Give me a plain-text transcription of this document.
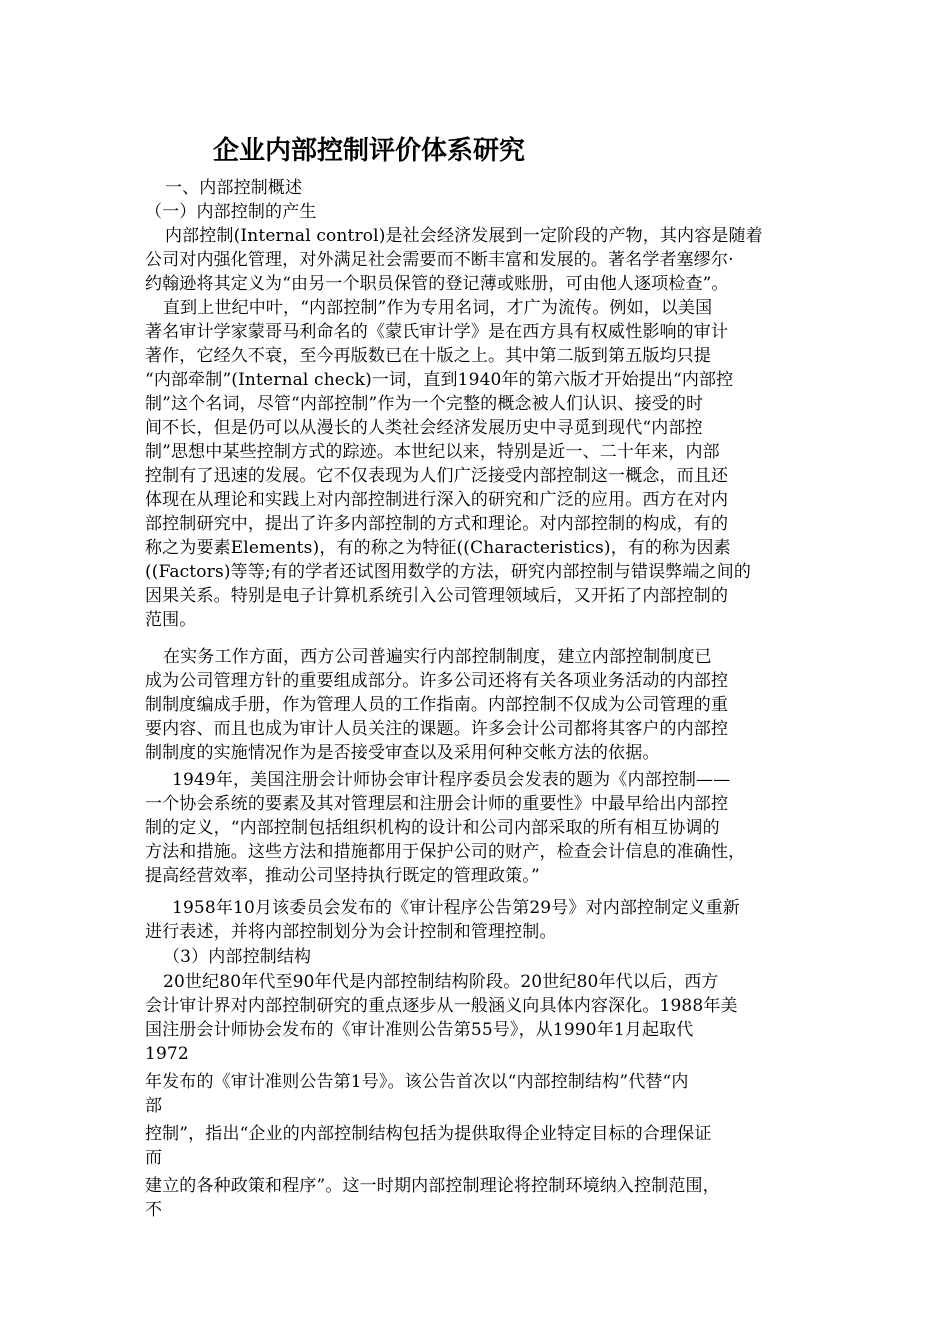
企业内部控制评价体系研究
一、内部控制概述
（一）内部控制的产生
内部控制(Internal control)是社会经济发展到一定阶段的产物，其内容是随着
公司对内强化管理，对外满足社会需要而不断丰富和发展的。著名学者塞缪尔·
约翰逊将其定义为“由另一个职员保管的登记薄或账册，可由他人逐项检查”。
直到上世纪中叶，“内部控制”作为专用名词，才广为流传。例如，以美国
著名审计学家蒙哥马利命名的《蒙氏审计学》是在西方具有权威性影响的审计
著作，它经久不衰，至今再版数已在十版之上。其中第二版到第五版均只提
“内部牵制”(Internal check)一词，直到1940年的第六版才开始提出“内部控
制”这个名词，尽管“内部控制”作为一个完整的概念被人们认识、接受的时
间不长，但是仍可以从漫长的人类社会经济发展历史中寻觅到现代“内部控
制”思想中某些控制方式的踪迹。本世纪以来，特别是近一、二十年来，内部
控制有了迅速的发展。它不仅表现为人们广泛接受内部控制这一概念，而且还
体现在从理论和实践上对内部控制进行深入的研究和广泛的应用。西方在对内
部控制研究中，提出了许多内部控制的方式和理论。对内部控制的构成，有的
称之为要素Elements)，有的称之为特征((Characteristics)，有的称为因素
((Factors)等等;有的学者还试图用数学的方法，研究内部控制与错误弊端之间的
因果关系。特别是电子计算机系统引入公司管理领域后，又开拓了内部控制的
范围。
在实务工作方面，西方公司普遍实行内部控制制度，建立内部控制制度已
成为公司管理方针的重要组成部分。许多公司还将有关各项业务活动的内部控
制制度编成手册，作为管理人员的工作指南。内部控制不仅成为公司管理的重
要内容、而且也成为审计人员关注的课题。许多会计公司都将其客户的内部控
制制度的实施情况作为是否接受审查以及采用何种交帐方法的依据。
1949年，美国注册会计师协会审计程序委员会发表的题为《内部控制——
一个协会系统的要素及其对管理层和注册会计师的重要性》中最早给出内部控
制的定义，“内部控制包括组织机构的设计和公司内部采取的所有相互协调的
方法和措施。这些方法和措施都用于保护公司的财产，检查会计信息的准确性，
提高经营效率，推动公司坚持执行既定的管理政策。”
1958年10月该委员会发布的《审计程序公告第29号》对内部控制定义重新
进行表述，并将内部控制划分为会计控制和管理控制。
（3）内部控制结构
20世纪80年代至90年代是内部控制结构阶段。20世纪80年代以后，西方
会计审计界对内部控制研究的重点逐步从一般涵义向具体内容深化。1988年美
国注册会计师协会发布的《审计准则公告第55号》，从1990年1月起取代
1972
年发布的《审计准则公告第1号》。该公告首次以“内部控制结构”代替“内
部
控制”，指出“企业的内部控制结构包括为提供取得企业特定目标的合理保证
而
建立的各种政策和程序”。这一时期内部控制理论将控制环境纳入控制范围，
不
